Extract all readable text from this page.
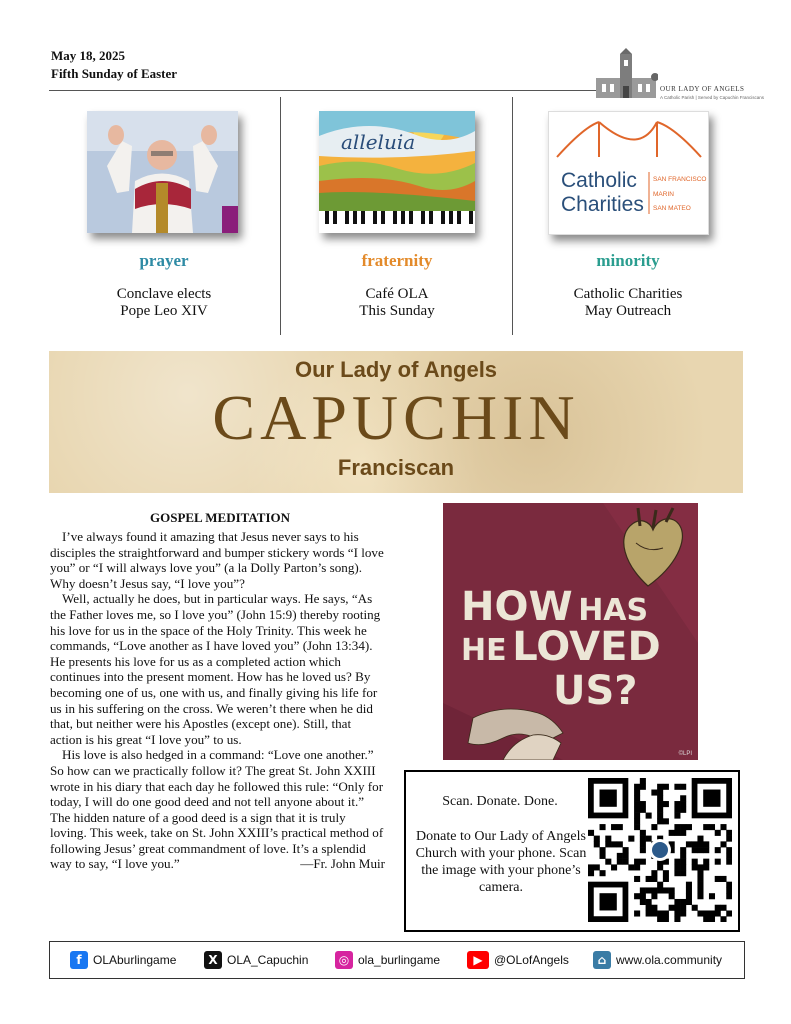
May 18, 2025
Fifth Sunday of Easter
OUR LADY OF ANGELS
A Catholic Parish | Served by Capuchin Franciscans
prayer
Conclave elects
Pope Leo XIV
alleluia
fraternity
Café OLA
This Sunday
Catholic
Charities
SAN FRANCISCO
MARIN
SAN MATEO
minority
Catholic Charities
May Outreach
Our Lady of Angels
CAPUCHIN
Franciscan
GOSPEL MEDITATION

I’ve always found it amazing that Jesus never says to his disciples the straightforward and bumper stickery words “I love you” or “I will always love you” (a la Dolly Parton’s song). Why doesn’t Jesus say, “I love you”?

Well, actually he does, but in particular ways. He says, “As the Father loves me, so I love you” (John 15:9) thereby rooting his love for us in the space of the Holy Trinity. This week he commands, “Love another as I have loved you” (John 13:34). He presents his love for us as a completed action which continues into the present moment. How has he loved us? By becoming one of us, one with us, and finally giving his life for us in his suffering on the cross. We weren’t there when he did that, but neither were his Apostles (except one). Still, that action is his great “I love you” to us.

His love is also hedged in a command: “Love one another.” So how can we practically follow it? The great St. John XXIII wrote in his diary that each day he followed this rule: “Only for today, I will do one good deed and not tell anyone about it.” The hidden nature of a good deed is a sign that it is truly loving. This week, take on St. John XXIII’s practical method of following Jesus’ great commandment of love. It’s a splendid way to say, “I love you.”	—Fr. John Muir

HOW HAS
HE LOVED
US?
©LPI
Scan. Donate. Done.
Donate to Our Lady of Angels Church with your phone. Scan the image with your phone’s camera.
f OLAburlingame	X OLA_Capuchin	◎ ola_burlingame	▶ @OLofAngels	⌂ www.ola.community
